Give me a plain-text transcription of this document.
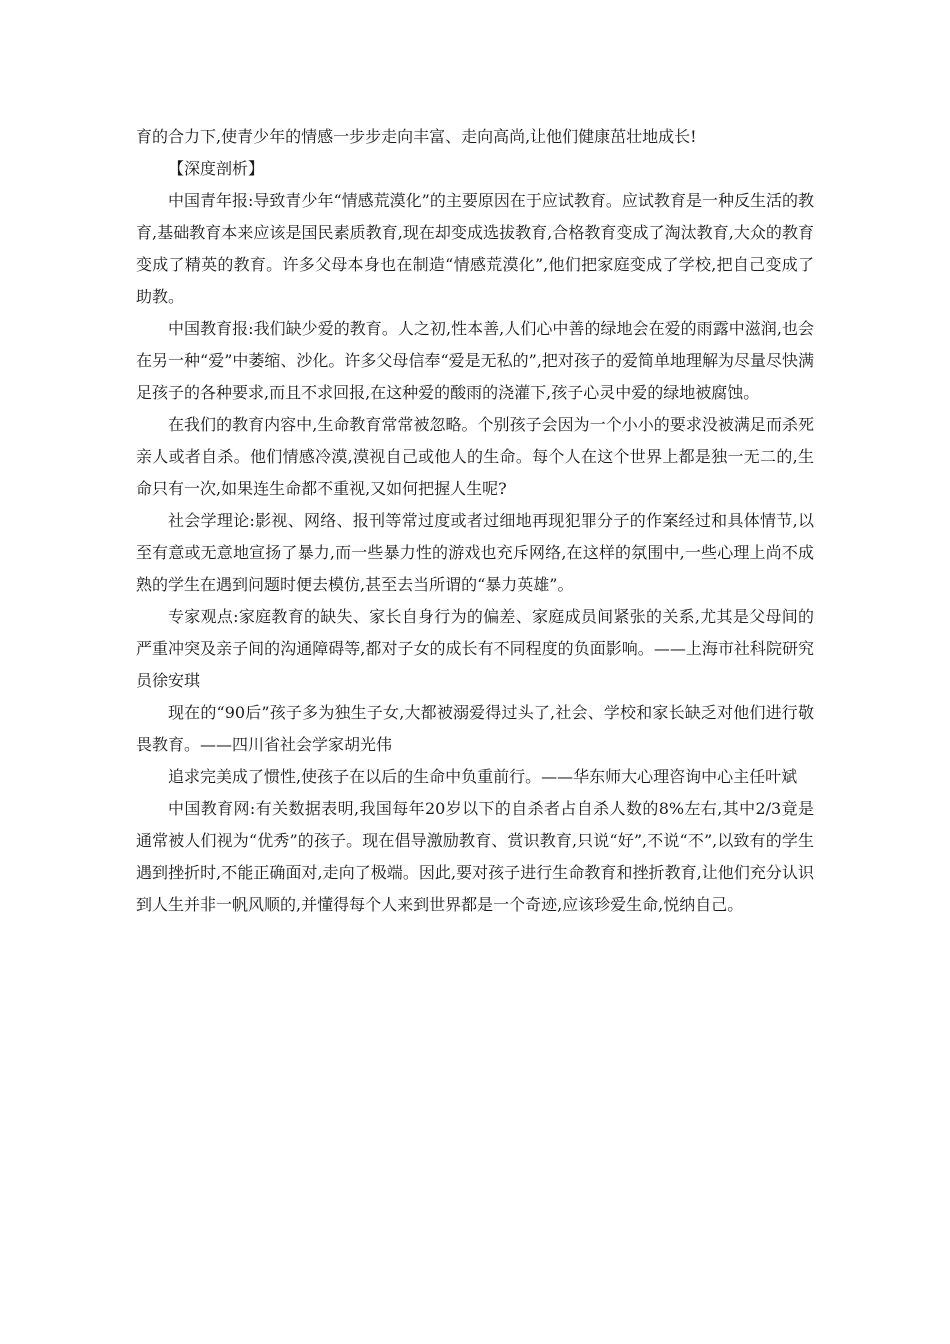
育的合力下,使青少年的情感一步步走向丰富、走向高尚,让他们健康茁壮地成长!

【深度剖析】

中国青年报:导致青少年“情感荒漠化”的主要原因在于应试教育。应试教育是一种反生活的教育,基础教育本来应该是国民素质教育,现在却变成选拔教育,合格教育变成了淘汰教育,大众的教育变成了精英的教育。许多父母本身也在制造“情感荒漠化”,他们把家庭变成了学校,把自己变成了助教。

中国教育报:我们缺少爱的教育。人之初,性本善,人们心中善的绿地会在爱的雨露中滋润,也会在另一种“爱”中萎缩、沙化。许多父母信奉“爱是无私的”,把对孩子的爱简单地理解为尽量尽快满足孩子的各种要求,而且不求回报,在这种爱的酸雨的浇灌下,孩子心灵中爱的绿地被腐蚀。

在我们的教育内容中,生命教育常常被忽略。个别孩子会因为一个小小的要求没被满足而杀死亲人或者自杀。他们情感冷漠,漠视自己或他人的生命。每个人在这个世界上都是独一无二的,生命只有一次,如果连生命都不重视,又如何把握人生呢?

社会学理论:影视、网络、报刊等常过度或者过细地再现犯罪分子的作案经过和具体情节,以至有意或无意地宣扬了暴力,而一些暴力性的游戏也充斥网络,在这样的氛围中,一些心理上尚不成熟的学生在遇到问题时便去模仿,甚至去当所谓的“暴力英雄”。

专家观点:家庭教育的缺失、家长自身行为的偏差、家庭成员间紧张的关系,尤其是父母间的严重冲突及亲子间的沟通障碍等,都对子女的成长有不同程度的负面影响。——上海市社科院研究员徐安琪

现在的“90后”孩子多为独生子女,大都被溺爱得过头了,社会、学校和家长缺乏对他们进行敬畏教育。——四川省社会学家胡光伟

追求完美成了惯性,使孩子在以后的生命中负重前行。——华东师大心理咨询中心主任叶斌

中国教育网:有关数据表明,我国每年20岁以下的自杀者占自杀人数的8%左右,其中2/3竟是通常被人们视为“优秀”的孩子。现在倡导激励教育、赏识教育,只说“好”,不说“不”,以致有的学生遇到挫折时,不能正确面对,走向了极端。因此,要对孩子进行生命教育和挫折教育,让他们充分认识到人生并非一帆风顺的,并懂得每个人来到世界都是一个奇迹,应该珍爱生命,悦纳自己。
